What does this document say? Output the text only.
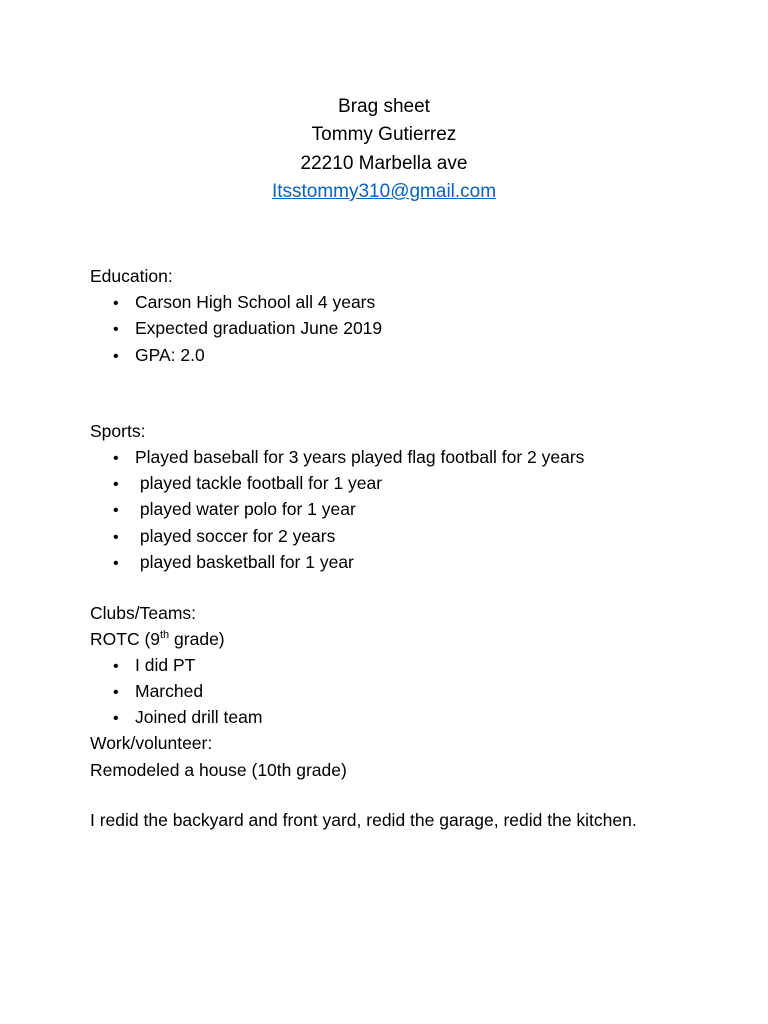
Brag sheet
Tommy Gutierrez
22210 Marbella ave
Itsstommy310@gmail.com
Education:
• Carson High School all 4 years
• Expected graduation June 2019
• GPA: 2.0
Sports:
• Played baseball for 3 years played flag football for 2 years
• played tackle football for 1 year
• played water polo for 1 year
• played soccer for 2 years
• played basketball for 1 year
Clubs/Teams:
ROTC (9th grade)
• I did PT
• Marched
• Joined drill team
Work/volunteer:
Remodeled a house (10th grade)
I redid the backyard and front yard, redid the garage, redid the kitchen.
